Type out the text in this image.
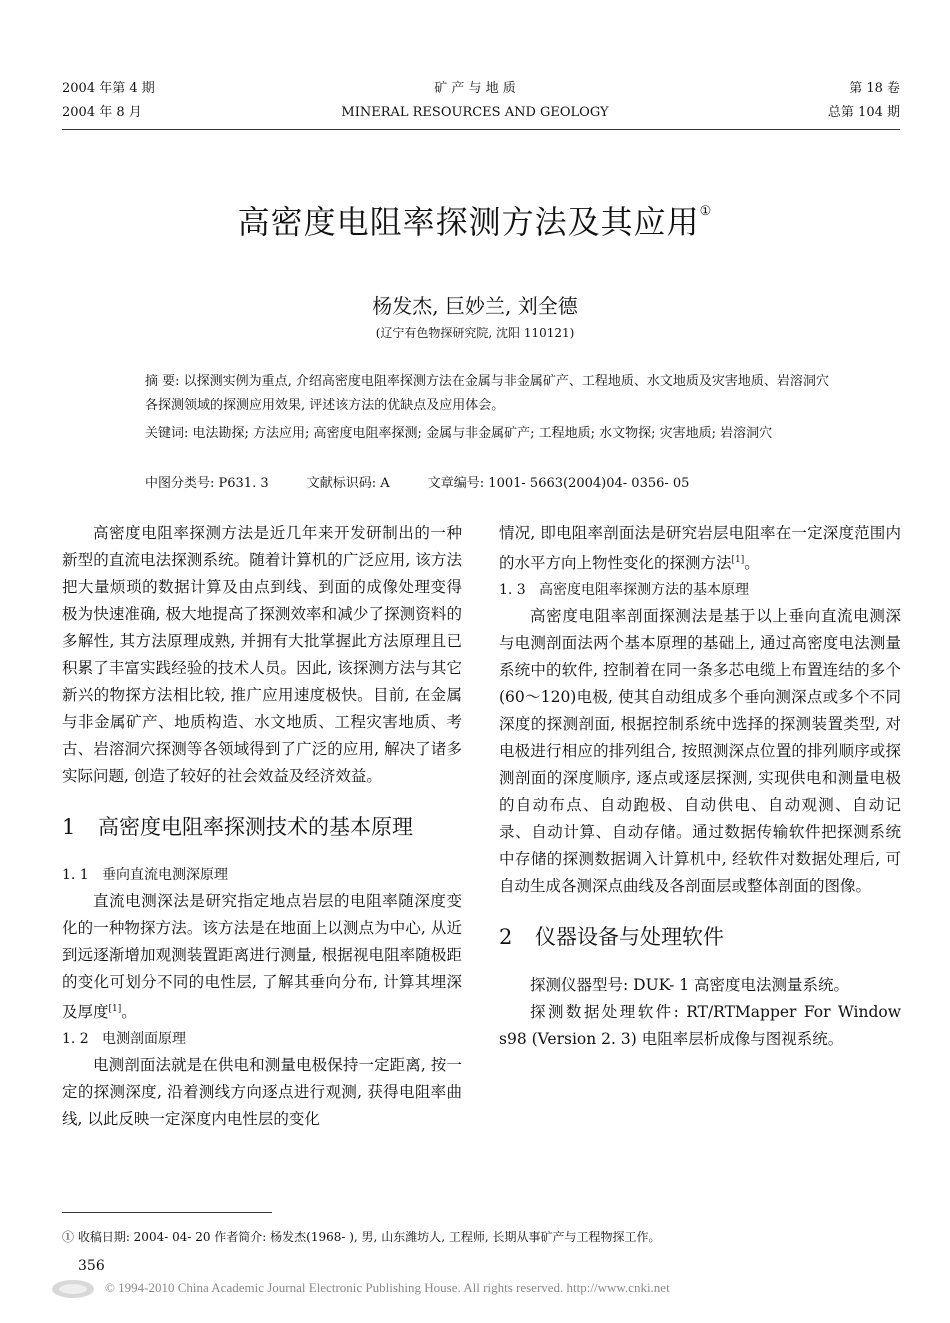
2004 年第 4 期
2004 年 8 月
矿 产 与 地 质
MINERAL RESOURCES AND GEOLOGY
第 18 卷
总第 104 期
高密度电阻率探测方法及其应用①
杨发杰, 巨妙兰, 刘全德
(辽宁有色物探研究院, 沈阳 110121)
摘 要: 以探测实例为重点, 介绍高密度电阻率探测方法在金属与非金属矿产、工程地质、水文地质及灾害地质、岩溶洞穴各探测领域的探测应用效果, 评述该方法的优缺点及应用体会。
关键词: 电法勘探; 方法应用; 高密度电阻率探测; 金属与非金属矿产; 工程地质; 水文物探; 灾害地质; 岩溶洞穴
中图分类号: P631. 3	文献标识码: A	文章编号: 1001- 5663(2004)04- 0356- 05

高密度电阻率探测方法是近几年来开发研制出的一种新型的直流电法探测系统。随着计算机的广泛应用, 该方法把大量烦琐的数据计算及由点到线、到面的成像处理变得极为快速准确, 极大地提高了探测效率和减少了探测资料的多解性, 其方法原理成熟, 并拥有大批掌握此方法原理且已积累了丰富实践经验的技术人员。因此, 该探测方法与其它新兴的物探方法相比较, 推广应用速度极快。目前, 在金属与非金属矿产、地质构造、水文地质、工程灾害地质、考古、岩溶洞穴探测等各领域得到了广泛的应用, 解决了诸多实际问题, 创造了较好的社会效益及经济效益。

1 高密度电阻率探测技术的基本原理
1. 1 垂向直流电测深原理

直流电测深法是研究指定地点岩层的电阻率随深度变化的一种物探方法。该方法是在地面上以测点为中心, 从近到远逐渐增加观测装置距离进行测量, 根据视电阻率随极距的变化可划分不同的电性层, 了解其垂向分布, 计算其埋深及厚度[1]。

1. 2 电测剖面原理

电测剖面法就是在供电和测量电极保持一定距离, 按一定的探测深度, 沿着测线方向逐点进行观测, 获得电阻率曲线, 以此反映一定深度内电性层的变化

情况, 即电阻率剖面法是研究岩层电阻率在一定深度范围内的水平方向上物性变化的探测方法[1]。

1. 3 高密度电阻率探测方法的基本原理

高密度电阻率剖面探测法是基于以上垂向直流电测深与电测剖面法两个基本原理的基础上, 通过高密度电法测量系统中的软件, 控制着在同一条多芯电缆上布置连结的多个(60～120)电极, 使其自动组成多个垂向测深点或多个不同深度的探测剖面, 根据控制系统中选择的探测装置类型, 对电极进行相应的排列组合, 按照测深点位置的排列顺序或探测剖面的深度顺序, 逐点或逐层探测, 实现供电和测量电极的自动布点、自动跑极、自动供电、自动观测、自动记录、自动计算、自动存储。通过数据传输软件把探测系统中存储的探测数据调入计算机中, 经软件对数据处理后, 可自动生成各测深点曲线及各剖面层或整体剖面的图像。

2 仪器设备与处理软件

探测仪器型号: DUK- 1 高密度电法测量系统。

探测数据处理软件: RT/RTMapper For Window s98 (Version 2. 3) 电阻率层析成像与图视系统。

① 收稿日期: 2004- 04- 20 作者简介: 杨发杰(1968- ), 男, 山东潍坊人, 工程师, 长期从事矿产与工程物探工作。
356
© 1994-2010 China Academic Journal Electronic Publishing House. All rights reserved. http://www.cnki.net
